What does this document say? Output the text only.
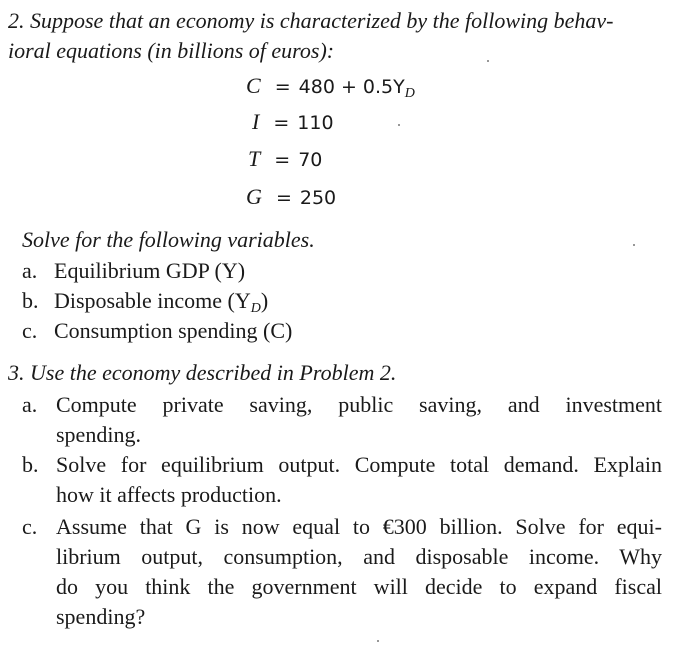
2. Suppose that an economy is characterized by the following behav-
ioral equations (in billions of euros):
$C = 480 + 0.5Y_D$
I = 110
T = 70
G = 250
Solve for the following variables.
a. Equilibrium GDP (Y)
b. Disposable income (YD)
c. Consumption spending (C)
3. Use the economy described in Problem 2.
a. Compute private saving, public saving, and investment
spending.
b. Solve for equilibrium output. Compute total demand. Explain
how it affects production.
c. Assume that G is now equal to €300 billion. Solve for equi-
librium output, consumption, and disposable income. Why
do you think the government will decide to expand fiscal
spending?
